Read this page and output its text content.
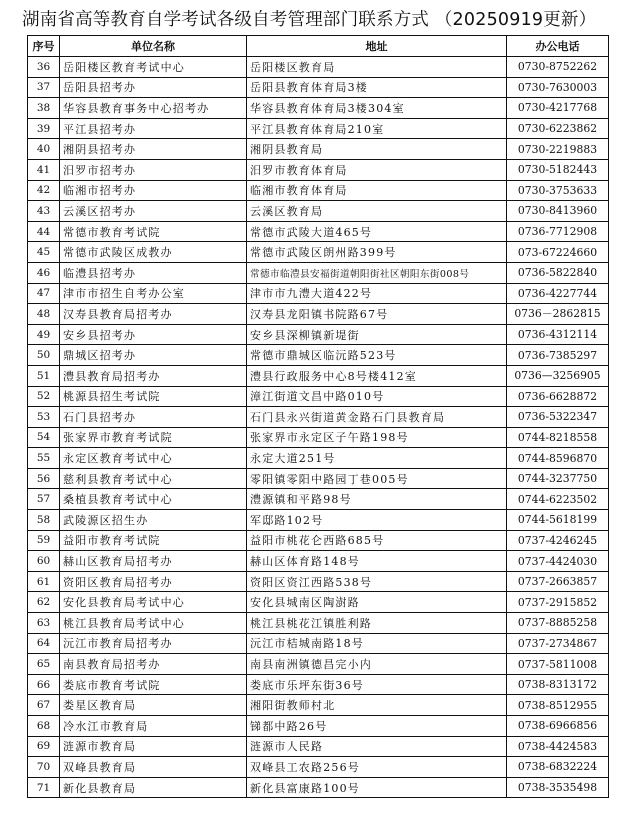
湖南省高等教育自学考试各级自考管理部门联系方式 （20250919更新）
序号	单位名称	地址	办公电话
36	岳阳楼区教育考试中心	岳阳楼区教育局	0730-8752262
37	岳阳县招考办	岳阳县教育体育局3楼	0730-7630003
38	华容县教育事务中心招考办	华容县教育体育局3楼304室	0730-4217768
39	平江县招考办	平江县教育体育局210室	0730-6223862
40	湘阴县招考办	湘阴县教育局	0730-2219883
41	汨罗市招考办	汨罗市教育体育局	0730-5182443
42	临湘市招考办	临湘市教育体育局	0730-3753633
43	云溪区招考办	云溪区教育局	0730-8413960
44	常德市教育考试院	常德市武陵大道465号	0736-7712908
45	常德市武陵区成教办	常德市武陵区朗州路399号	073-67224660
46	临澧县招考办	常德市临澧县安福街道朝阳街社区朝阳东街008号	0736-5822840
47	津市市招生自考办公室	津市市九澧大道422号	0736-4227744
48	汉寿县教育局招考办	汉寿县龙阳镇书院路67号	0736－2862815
49	安乡县招考办	安乡县深柳镇新堤街	0736-4312114
50	鼎城区招考办	常德市鼎城区临沅路523号	0736-7385297
51	澧县教育局招考办	澧县行政服务中心8号楼412室	0736—3256905
52	桃源县招生考试院	漳江街道文昌中路010号	0736-6628872
53	石门县招考办	石门县永兴街道黄金路石门县教育局	0736-5322347
54	张家界市教育考试院	张家界市永定区子午路198号	0744-8218558
55	永定区教育考试中心	永定大道251号	0744-8596870
56	慈利县教育考试中心	零阳镇零阳中路园丁巷005号	0744-3237750
57	桑植县教育考试中心	澧源镇和平路98号	0744-6223502
58	武陵源区招生办	军邸路102号	0744-5618199
59	益阳市教育考试院	益阳市桃花仑西路685号	0737-4246245
60	赫山区教育局招考办	赫山区体育路148号	0737-4424030
61	资阳区教育局招考办	资阳区资江西路538号	0737-2663857
62	安化县教育局考试中心	安化县城南区陶澍路	0737-2915852
63	桃江县教育局考试中心	桃江县桃花江镇胜利路	0737-8885258
64	沅江市教育局招考办	沅江市桔城南路18号	0737-2734867
65	南县教育局招考办	南县南洲镇德昌完小内	0737-5811008
66	娄底市教育考试院	娄底市乐坪东街36号	0738-8313172
67	娄星区教育局	湘阳街教师村北	0738-8512955
68	冷水江市教育局	锑都中路26号	0738-6966856
69	涟源市教育局	涟源市人民路	0738-4424583
70	双峰县教育局	双峰县工农路256号	0738-6832224
71	新化县教育局	新化县富康路100号	0738-3535498
